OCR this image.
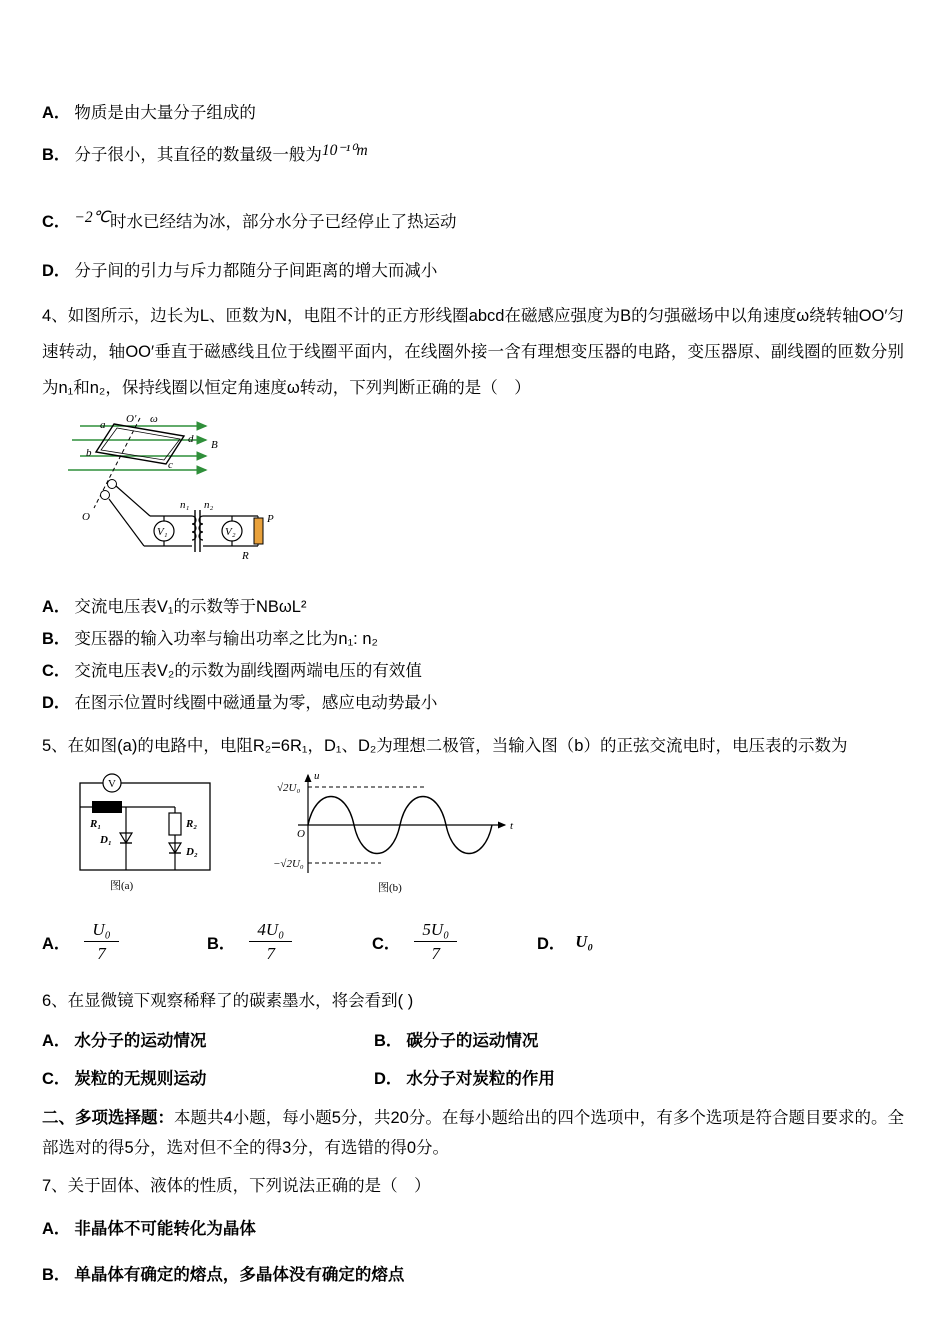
A． 物质是由大量分子组成的
B． 分子很小，其直径的数量级一般为10⁻¹⁰m
C． −2℃时水已经结为冰，部分水分子已经停止了热运动
D． 分子间的引力与斥力都随分子间距离的增大而减小
4、如图所示，边长为L、匝数为N，电阻不计的正方形线圈abcd在磁感应强度为B的匀强磁场中以角速度ω绕转轴OO′匀速转动，轴OO′垂直于磁感线且位于线圈平面内，在线圈外接一含有理想变压器的电路，变压器原、副线圈的匝数分别为n₁和n₂，保持线圈以恒定角速度ω转动，下列判断正确的是（　）
B
a
d
b
c
O′ ω
O
V₁
n₁ n₂
V₂
P
R
A． 交流电压表V₁的示数等于NBωL²
B． 变压器的输入功率与输出功率之比为n₁: n₂
C． 交流电压表V₂的示数为副线圈两端电压的有效值
D． 在图示位置时线圈中磁通量为零，感应电动势最小
5、在如图(a)的电路中，电阻R₂=6R₁，D₁、D₂为理想二极管，当输入图（b）的正弦交流电时，电压表的示数为
V
R₁
D₁
R₂
D₂
图(a)
u
t
O
√2U₀
−√2U₀
图(b)
A． $\frac{\text{U₀}}{7}$	B． $\frac{\text{4U₀}}{7}$	C． $\frac{\text{5U₀}}{7}$	D． U₀
6、在显微镜下观察稀释了的碳素墨水，将会看到( )
A． 水分子的运动情况	B． 碳分子的运动情况
C． 炭粒的无规则运动	D． 水分子对炭粒的作用
二、多项选择题：本题共4小题，每小题5分，共20分。在每小题给出的四个选项中，有多个选项是符合题目要求的。全部选对的得5分，选对但不全的得3分，有选错的得0分。
7、关于固体、液体的性质，下列说法正确的是（　）
A． 非晶体不可能转化为晶体
B． 单晶体有确定的熔点，多晶体没有确定的熔点
